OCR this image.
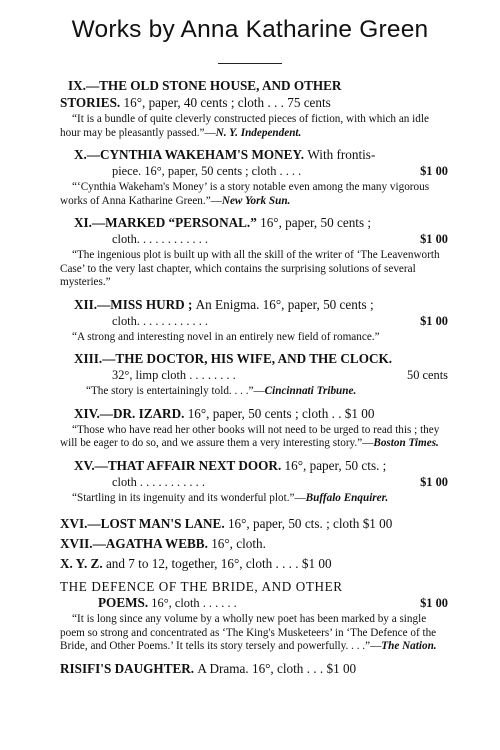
Works by Anna Katharine Green

IX.—THE OLD STONE HOUSE, AND OTHER

STORIES. 16°, paper, 40 cents ; cloth . . . 75 cents

“It is a bundle of quite cleverly constructed pieces of fiction, with which an idle hour may be pleasantly passed.”—N. Y. Independent.

X.—CYNTHIA WAKEHAM'S MONEY. With frontis-

piece. 16°, paper, 50 cents ; cloth . . . .	$1 00

“‘Cynthia Wakeham's Money’ is a story notable even among the many vigorous works of Anna Katharine Green.”—New York Sun.

XI.—MARKED “PERSONAL.” 16°, paper, 50 cents ;

cloth. . . . . . . . . . . .	$1 00

“The ingenious plot is built up with all the skill of the writer of ‘The Leavenworth Case’ to the very last chapter, which contains the surprising solutions of several mysteries.”

XII.—MISS HURD ; An Enigma. 16°, paper, 50 cents ;

cloth. . . . . . . . . . . .	$1 00

“A strong and interesting novel in an entirely new field of romance.”

XIII.—THE DOCTOR, HIS WIFE, AND THE CLOCK.

32°, limp cloth . . . . . . . .	50 cents

“The story is entertainingly told. . . .”—Cincinnati Tribune.

XIV.—DR. IZARD. 16°, paper, 50 cents ; cloth . . $1 00

“Those who have read her other books will not need to be urged to read this ; they will be eager to do so, and we assure them a very interesting story.”—Boston Times.

XV.—THAT AFFAIR NEXT DOOR. 16°, paper, 50 cts. ;

cloth . . . . . . . . . . .	$1 00

“Startling in its ingenuity and its wonderful plot.”—Buffalo Enquirer.

XVI.—LOST MAN'S LANE. 16°, paper, 50 cts. ; cloth $1 00

XVII.—AGATHA WEBB. 16°, cloth.

X. Y. Z. and 7 to 12, together, 16°, cloth . . . . $1 00

THE DEFENCE OF THE BRIDE, AND OTHER

POEMS.
16°, cloth . . . . . .	$1 00

“It is long since any volume by a wholly new poet has been marked by a single poem so strong and concentrated as ‘The King's Musketeers’ in ‘The Defence of the Bride, and Other Poems.’ It tells its story tersely and powerfully. . . .”—The Nation.

RISIFI'S DAUGHTER. A Drama. 16°, cloth . . . $1 00
